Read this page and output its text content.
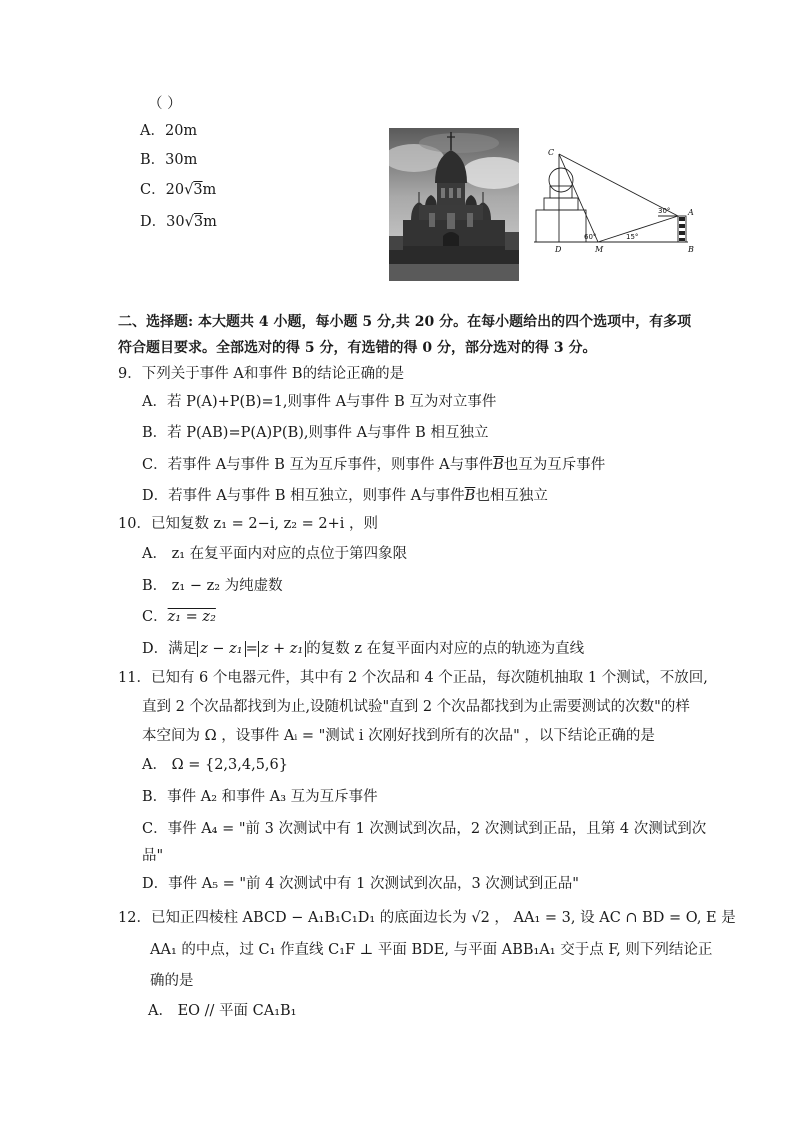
（ ）
A．20m
B．30m
C．20√3m
D．30√3m
C
A
B
D	M
30°
60°	15°
二、选择题: 本大题共 4 小题，每小题 5 分,共 20 分。在每小题给出的四个选项中，有多项
符合题目要求。全部选对的得 5 分，有选错的得 0 分，部分选对的得 3 分。
9．下列关于事件 A和事件 B的结论正确的是
A．若 P(A)+P(B)=1,则事件 A与事件 B 互为对立事件
B．若 P(AB)=P(A)P(B),则事件 A与事件 B 相互独立
C．若事件 A与事件 B 互为互斥事件，则事件 A与事件$\overline{B}$也互为互斥事件
D．若事件 A与事件 B 相互独立，则事件 A与事件$\overline{B}$也相互独立
10．已知复数 z₁ = 2−i, z₂ = 2+i ，则
A． z₁ 在复平面内对应的点位于第四象限
B． z₁ − z₂ 为纯虚数
C．z₁ = z₂
D．满足 z − z₁ = z + z₁ 的复数 z 在复平面内对应的点的轨迹为直线
11．已知有 6 个电器元件，其中有 2 个次品和 4 个正品，每次随机抽取 1 个测试，不放回,
直到 2 个次品都找到为止,设随机试验"直到 2 个次品都找到为止需要测试的次数"的样
本空间为 Ω ，设事件 Aᵢ = "测试 i 次刚好找到所有的次品" ，以下结论正确的是
A． Ω = {2,3,4,5,6}
B．事件 A₂ 和事件 A₃ 互为互斥事件
C．事件 A₄ = "前 3 次测试中有 1 次测试到次品，2 次测试到正品，且第 4 次测试到次
品"
D．事件 A₅ = "前 4 次测试中有 1 次测试到次品，3 次测试到正品"
12．已知正四棱柱 ABCD − A₁B₁C₁D₁ 的底面边长为 √2 ， AA₁ = 3, 设 AC ∩ BD = O, E 是
AA₁ 的中点，过 C₁ 作直线 C₁F ⊥ 平面 BDE, 与平面 ABB₁A₁ 交于点 F, 则下列结论正
确的是
A． EO // 平面 CA₁B₁
